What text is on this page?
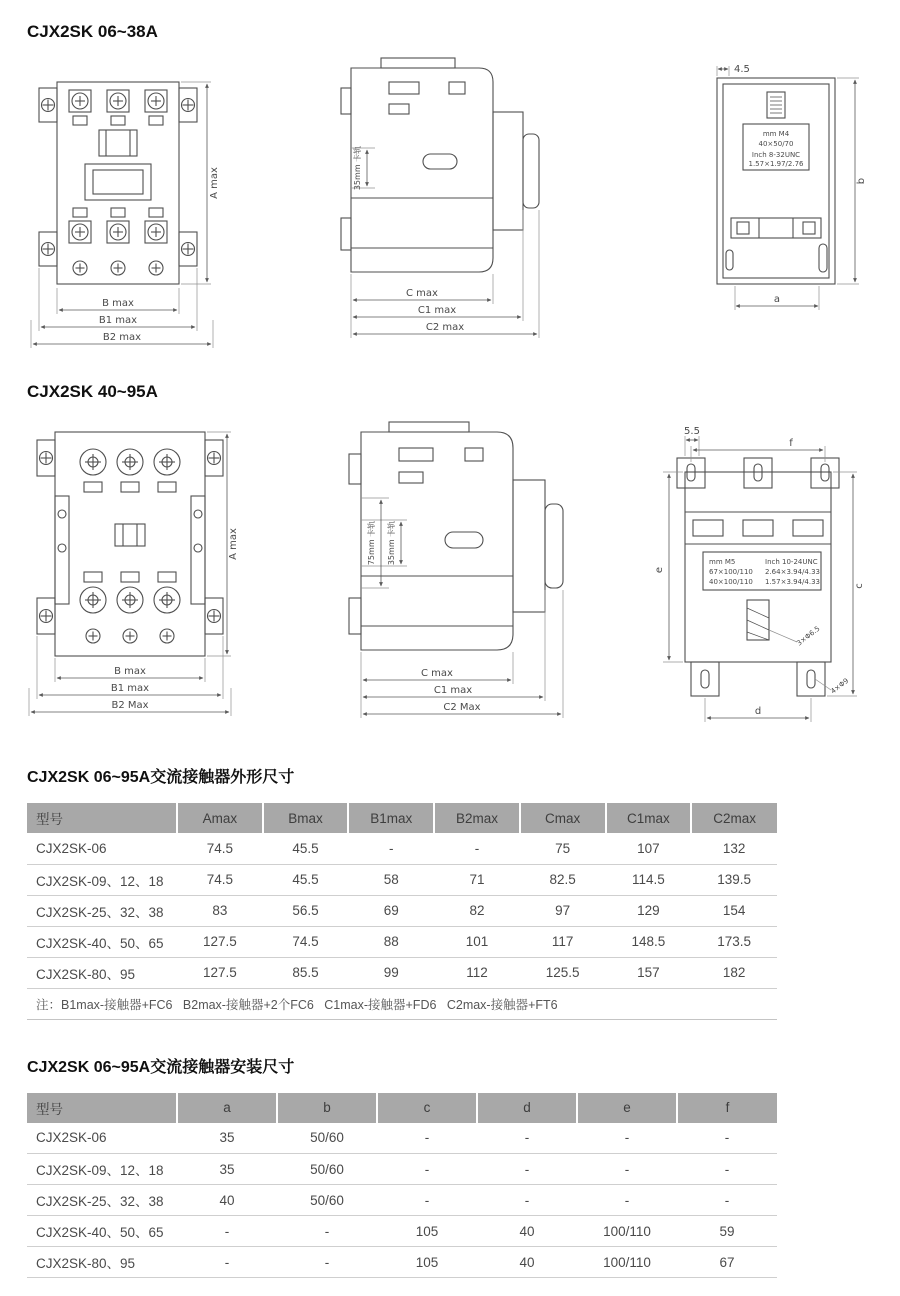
CJX2SK 06~38A
A max
B max
B1 max
B2 max
35mm 卡轨
C max
C1 max
C2 max
4.5
b
a
mm M4
40×50/70
Inch 8-32UNC
1.57×1.97/2.76
CJX2SK 40~95A
A max
B max
B1 max
B2 Max
75mm 卡轨 35mm 卡轨
C max
C1 max
C2 Max
5.5
f
e
c
d
mm M5
67×100/110
40×100/110
Inch 10-24UNC
2.64×3.94/4.33
1.57×3.94/4.33
3×Φ6.5
4×Φ9
CJX2SK 06~95A交流接触器外形尺寸
型号	Amax	Bmax	B1max	B2max	Cmax	C1max	C2max
CJX2SK-06	74.5	45.5	-	-	75	107	132
CJX2SK-09、12、18	74.5	45.5	58	71	82.5	114.5	139.5
CJX2SK-25、32、38	83	56.5	69	82	97	129	154
CJX2SK-40、50、65	127.5	74.5	88	101	117	148.5	173.5
CJX2SK-80、95	127.5	85.5	99	112	125.5	157	182
注：B1max-接触器+FC6   B2max-接触器+2个FC6   C1max-接触器+FD6   C2max-接触器+FT6							
CJX2SK 06~95A交流接触器安装尺寸
型号	a	b	c	d	e	f
CJX2SK-06	35	50/60	-	-	-	-
CJX2SK-09、12、18	35	50/60	-	-	-	-
CJX2SK-25、32、38	40	50/60	-	-	-	-
CJX2SK-40、50、65	-	-	105	40	100/110	59
CJX2SK-80、95	-	-	105	40	100/110	67
